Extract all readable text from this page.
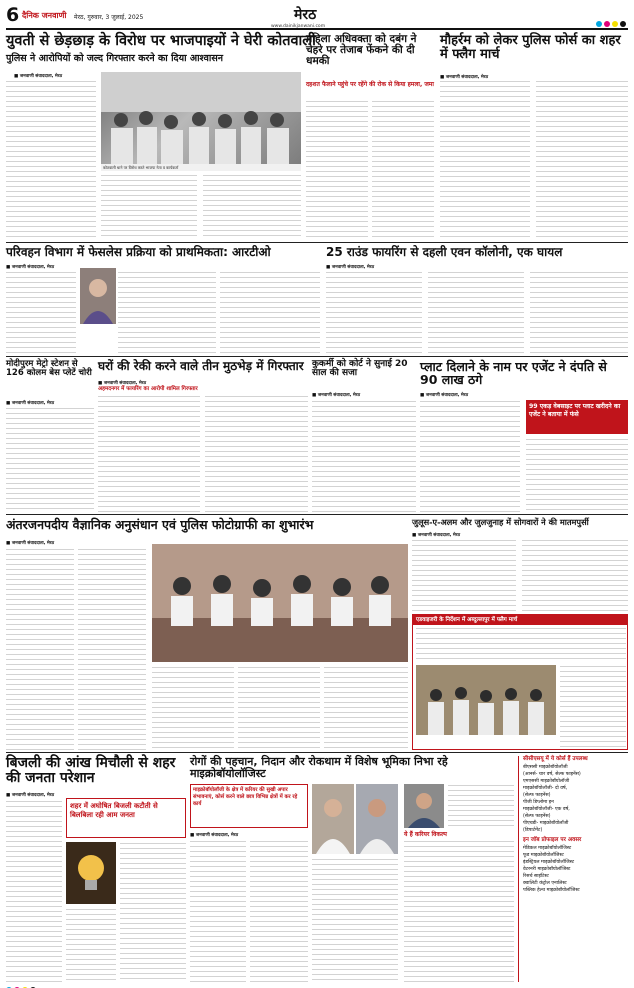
6 दैनिक जनवाणी मेरठ, गुरुवार, 3 जुलाई, 2025	मेरठ
www.dainikjanwani.com
युवती से छेड़छाड़ के विरोध पर भाजपाइयों ने घेरी कोतवाली
पुलिस ने आरोपियों को जल्द गिरफ्तार करने का दिया आश्वासन
■ जनवाणी संवाददाता, मेरठ
कोतवाली थाने पर विरोध करते भाजपा नेता व कार्यकर्ता
महिला अधिवक्ता को दबंग ने चेहरे पर तेजाब फेंकने की दी धमकी
दहशत फैलाने पहुंचे पर रहेंगे की रोक से किया हमला, जमा
मौहर्रम को लेकर पुलिस फोर्स का शहर में फ्लैग मार्च
■ जनवाणी संवाददाता, मेरठ
परिवहन विभाग में फेसलेस प्रक्रिया को प्राथमिकता: आरटीओ
■ जनवाणी संवाददाता, मेरठ
25 राउंड फायरिंग से दहली एवन कॉलोनी, एक घायल
■ जनवाणी संवाददाता, मेरठ
मोदीपुरम मेट्रो स्टेशन से 126 कोलम बेस प्लेटें चोरी
■ जनवाणी संवाददाता, मेरठ
घरों की रेकी करने वाले तीन मुठभेड़ में गिरफ्तार
■ जनवाणी संवाददाता, मेरठ
अहमदनगर में फायरिंग का आरोपी शामिल गिरफ्तार
कुकर्मी को कोर्ट ने सुनाई 20 साल की सजा
■ जनवाणी संवाददाता, मेरठ
प्लाट दिलाने के नाम पर एजेंट ने दंपति से 90 लाख ठगे
■ जनवाणी संवाददाता, मेरठ
99 एकड़ वेबसाइट पर प्लाट खरीदने का एजेंट ने बताया में फंसे
अंतरजनपदीय वैज्ञानिक अनुसंधान एवं पुलिस फोटोग्राफी का शुभारंभ
■ जनवाणी संवाददाता, मेरठ
जुलूस-ए-अलम और जुलजुनाह में सोगवारों ने की मातमपुर्सी
■ जनवाणी संवाददाता, मेरठ
एडवाइजरी के निर्देशन में अब्दुल्लापुर में फ्लैग मार्च
बिजली की आंख मिचौली से शहर की जनता परेशान
■ जनवाणी संवाददाता, मेरठ
शहर में अघोषित बिजली कटौती से बिलबिला रही आम जनता
रोगों की पहचान, निदान और रोकथाम में विशेष भूमिका निभा रहे माइक्रोबॉयोलॉजिस्ट
माइक्रोबॉयोलॉजी के क्षेत्र में करियर की सुखी अपार संभावनाएं, कोर्स करने वाले छात्र विभिन्न क्षेत्रों में कर रहे कार्य
■ जनवाणी संवाददाता, मेरठ	ये हैं करियर विकल्प
सीसीएसयू में ये कोर्स हैं उपलब्ध
बीएससी माइक्रोबॉयोलॉजी
(आनर्स- चार वर्ष, सेल्फ फाइनेंस)
एमएससी माइक्रोबॉयोलॉजी
माइक्रोबॉयोलॉजी- दो वर्ष,
(सेल्फ फाइनेंस)
पीजी डिप्लोमा इन
माइक्रोबॉयोलॉजी- एक वर्ष,
(सेल्फ फाइनेंस)
पीएचडी- माइक्रोबॉयोलॉजी
(डिपार्टमेंट)
इन जॉब प्रोफाइल पर अवसर
मेडिकल माइक्रोबॉयोलॉजिस्ट
फूड माइक्रोबॉयोलॉजिस्ट
इंडस्ट्रियल माइक्रोबॉयोलॉजिस्ट
वेटरनरी माइक्रोबॉयोलॉजिस्ट
रिसर्च साइंटिस्ट
क्वालिटी कंट्रोल एनालिस्ट
पब्लिक हेल्थ माइक्रोबॉयोलॉजिस्ट
